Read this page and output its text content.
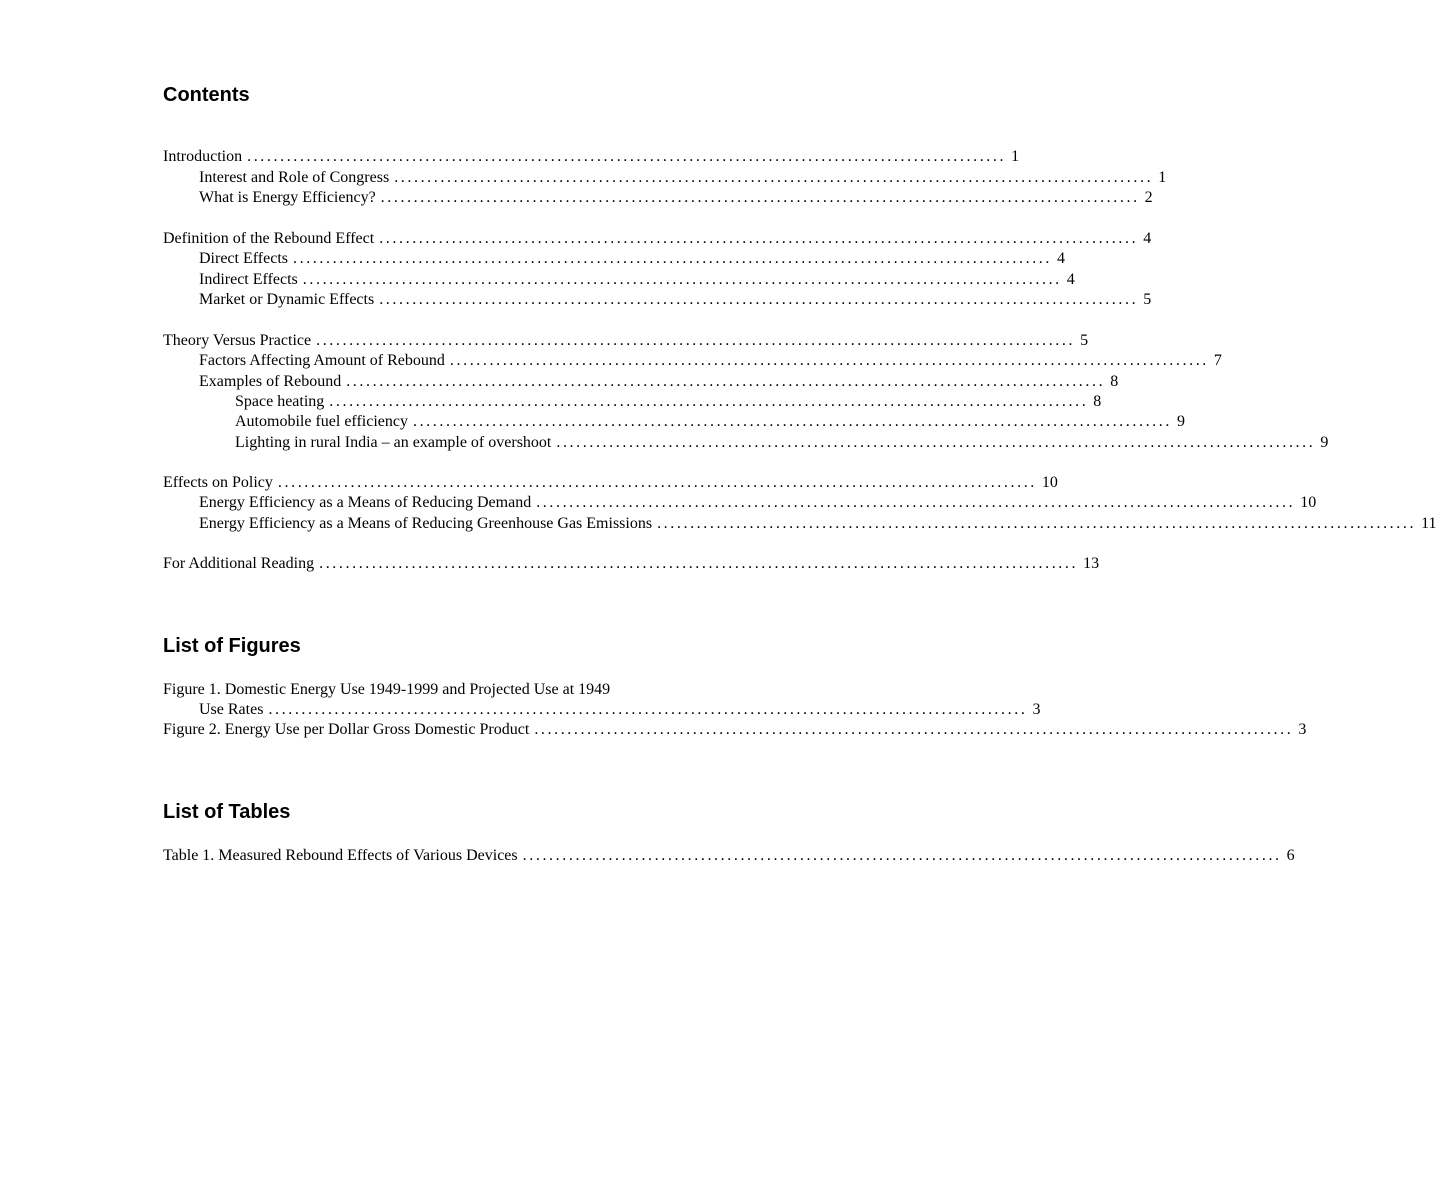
Contents
Introduction ................................................................................................................... 1
Interest and Role of Congress ................................................................................................................... 1
What is Energy Efficiency? ................................................................................................................... 2
Definition of the Rebound Effect ................................................................................................................... 4
Direct Effects ................................................................................................................... 4
Indirect Effects ................................................................................................................... 4
Market or Dynamic Effects ................................................................................................................... 5
Theory Versus Practice ................................................................................................................... 5
Factors Affecting Amount of Rebound ................................................................................................................... 7
Examples of Rebound ................................................................................................................... 8
Space heating ................................................................................................................... 8
Automobile fuel efficiency ................................................................................................................... 9
Lighting in rural India – an example of overshoot ................................................................................................................... 9
Effects on Policy ................................................................................................................... 10
Energy Efficiency as a Means of Reducing Demand ................................................................................................................... 10
Energy Efficiency as a Means of Reducing Greenhouse Gas Emissions ................................................................................................................... 11
For Additional Reading ................................................................................................................... 13
List of Figures
Figure 1. Domestic Energy Use 1949-1999 and Projected Use at 1949
Use Rates ................................................................................................................... 3
Figure 2. Energy Use per Dollar Gross Domestic Product ................................................................................................................... 3
List of Tables
Table 1. Measured Rebound Effects of Various Devices ................................................................................................................... 6
